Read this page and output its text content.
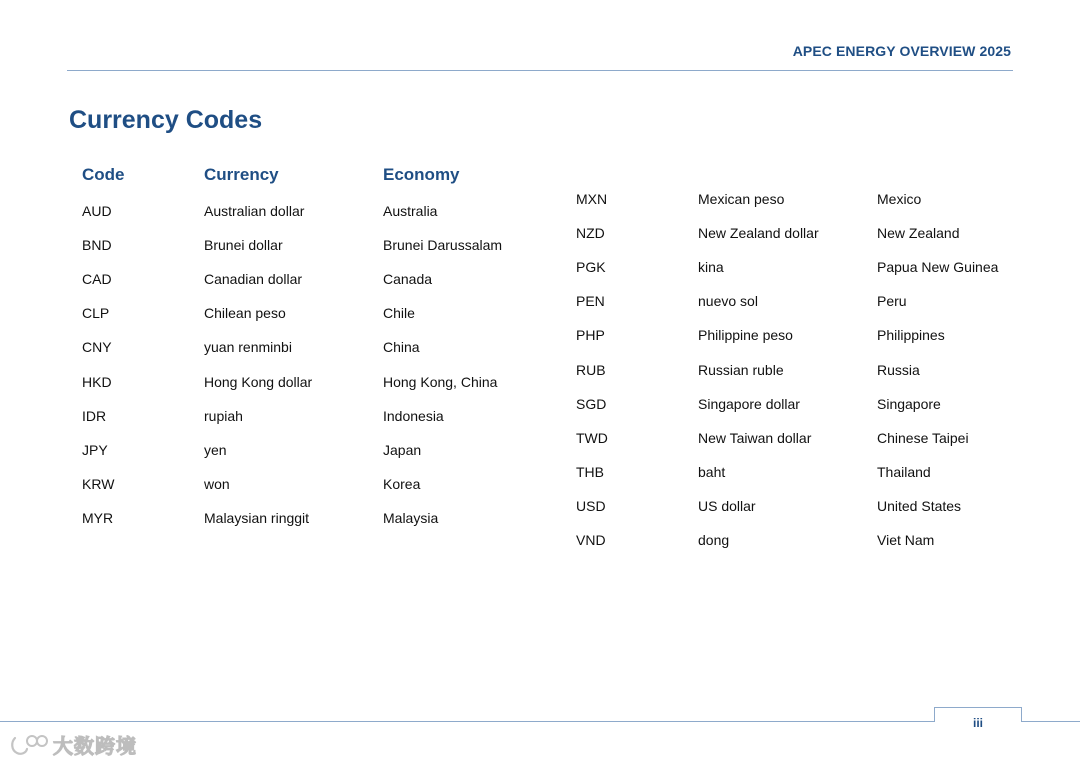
APEC ENERGY OVERVIEW 2025
Currency Codes
Code	Currency	Economy
AUD	Australian dollar	Australia
BND	Brunei dollar	Brunei Darussalam
CAD	Canadian dollar	Canada
CLP	Chilean peso	Chile
CNY	yuan renminbi	China
HKD	Hong Kong dollar	Hong Kong, China
IDR	rupiah	Indonesia
JPY	yen	Japan
KRW	won	Korea
MYR	Malaysian ringgit	Malaysia
MXN	Mexican peso	Mexico
NZD	New Zealand dollar	New Zealand
PGK	kina	Papua New Guinea
PEN	nuevo sol	Peru
PHP	Philippine peso	Philippines
RUB	Russian ruble	Russia
SGD	Singapore dollar	Singapore
TWD	New Taiwan dollar	Chinese Taipei
THB	baht	Thailand
USD	US dollar	United States
VND	dong	Viet Nam
iii
大数跨境
